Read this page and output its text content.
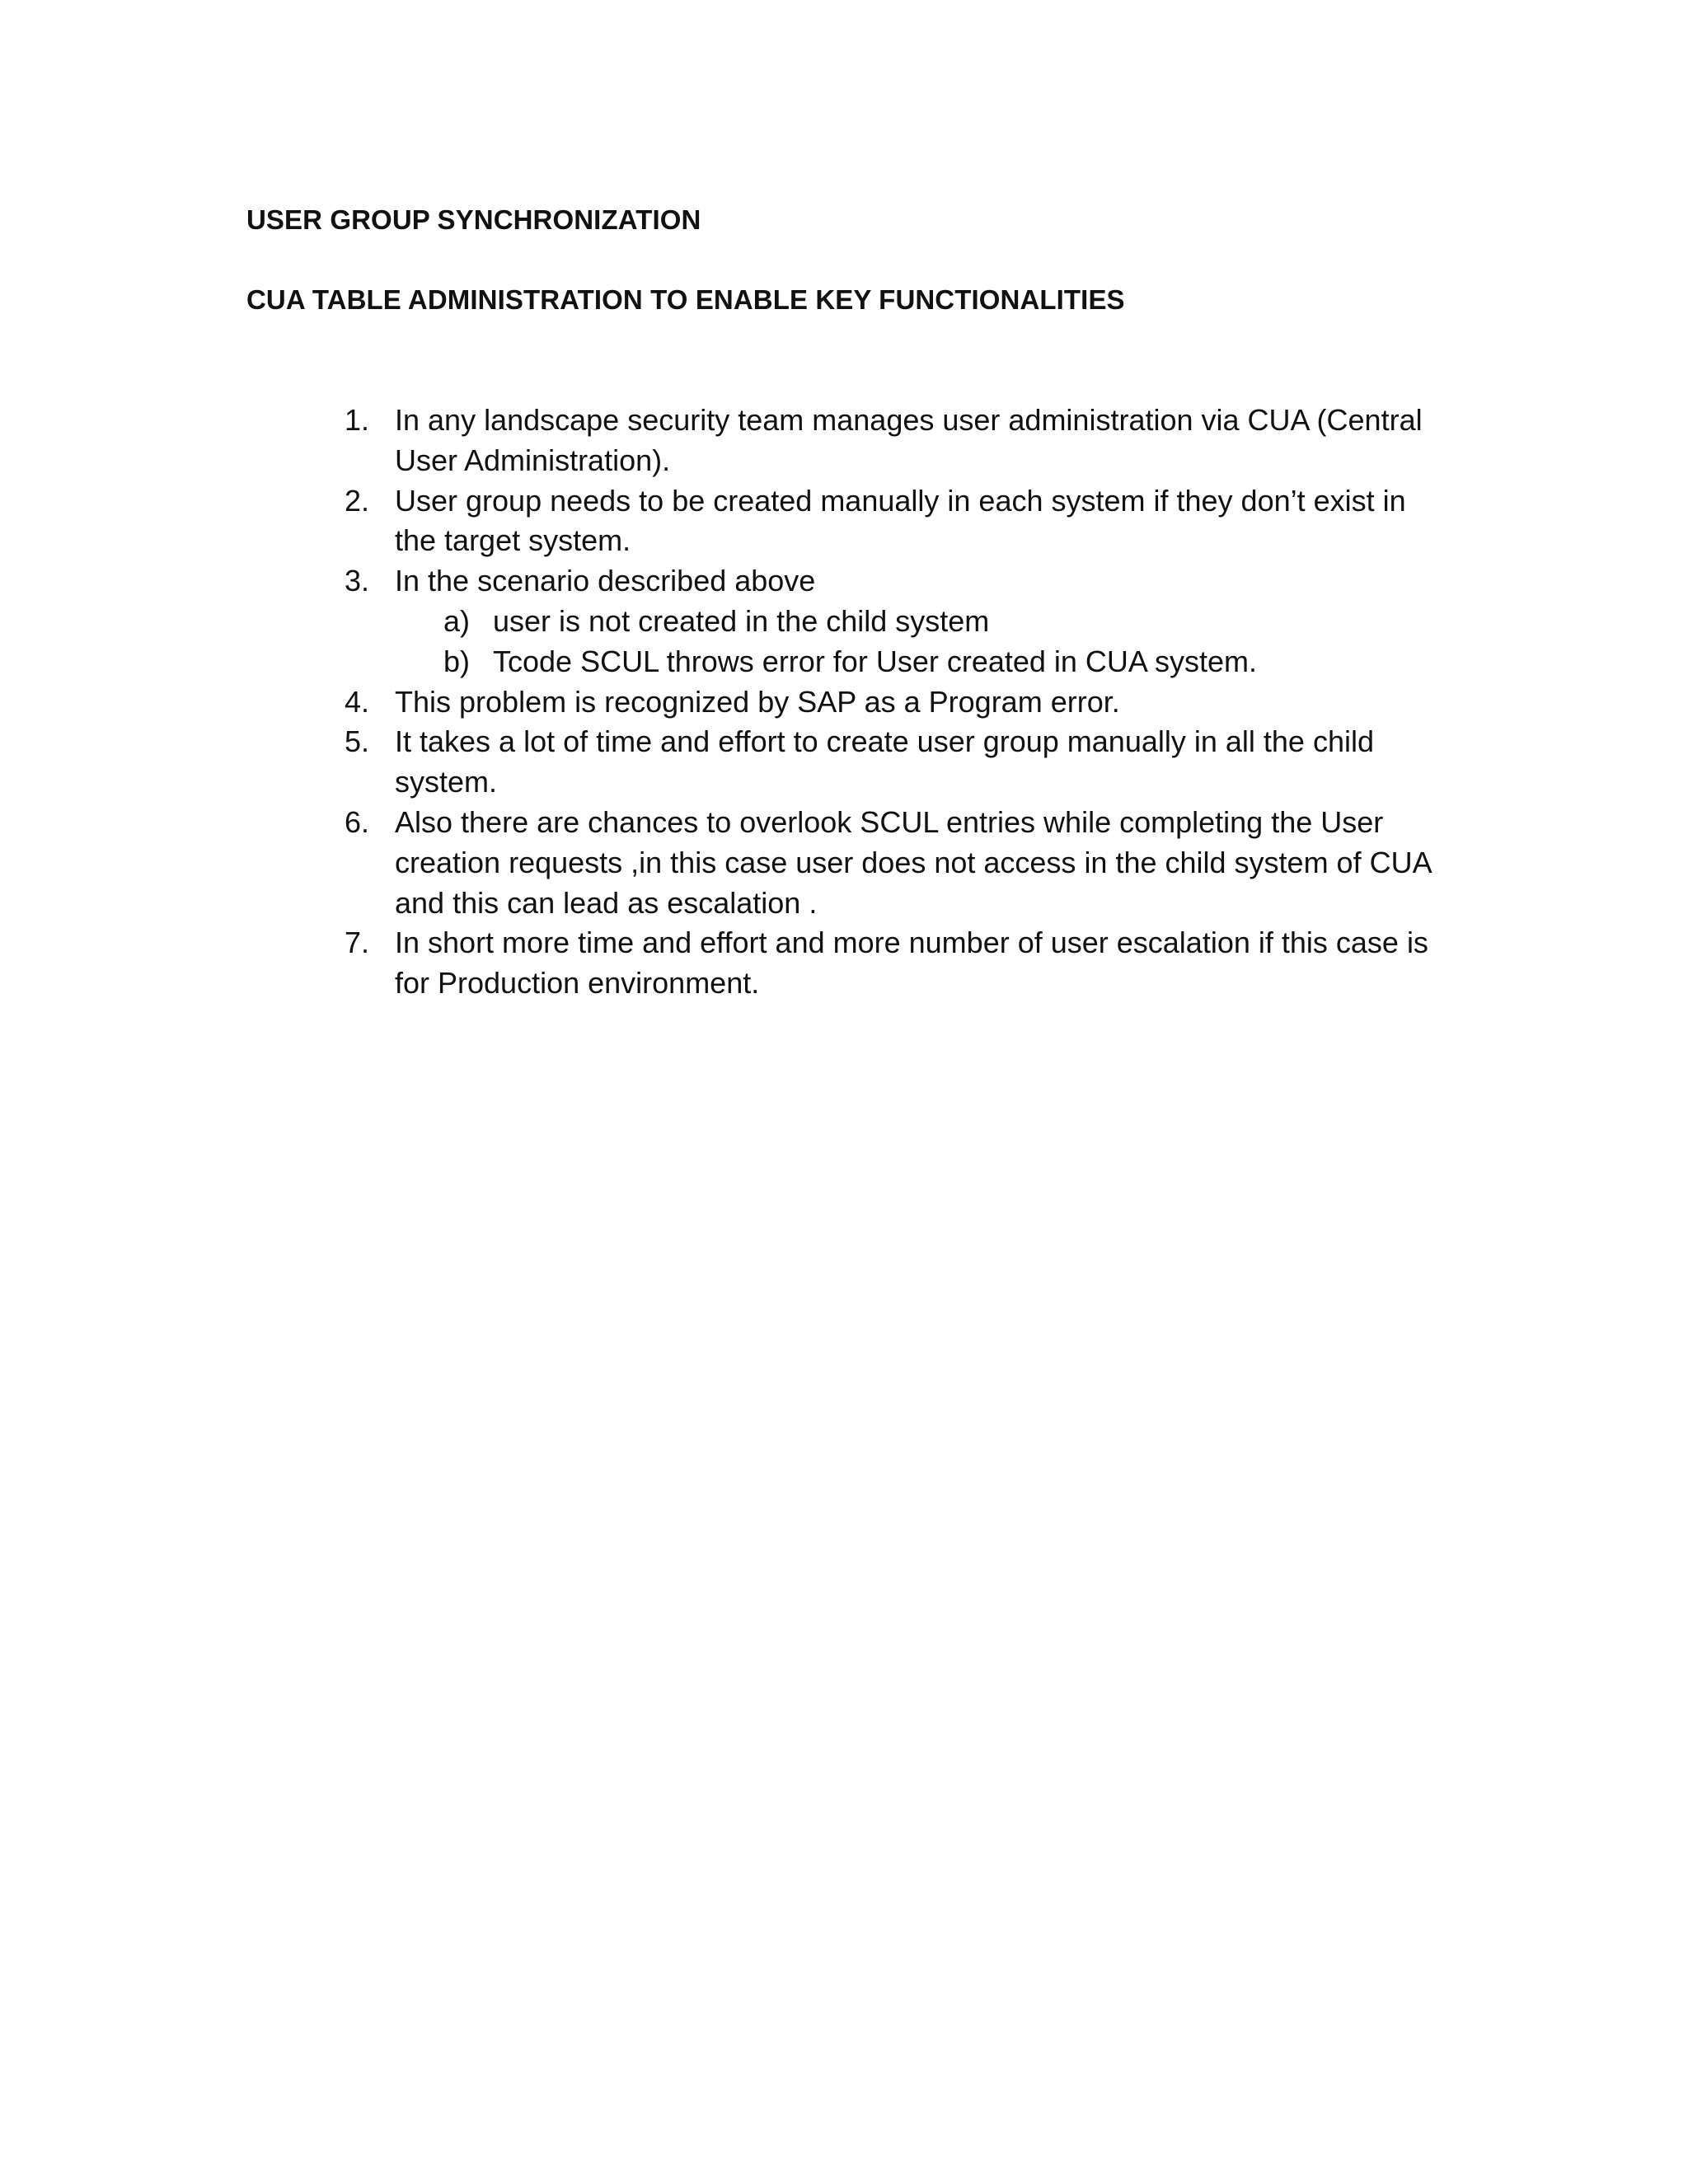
USER GROUP SYNCHRONIZATION
CUA TABLE ADMINISTRATION TO ENABLE KEY FUNCTIONALITIES
1. In any landscape security team manages user administration via CUA (Central User Administration).
2. User group needs to be created manually in each system if they don’t exist in the target system.
3. In the scenario described above
a) user is not created in the child system
b) Tcode SCUL throws error for User created in CUA system.
4. This problem is recognized by SAP as a Program error.
5. It takes a lot of time and effort to create user group manually in all the child system.
6. Also there are chances to overlook SCUL entries while completing the User creation requests ,in this case user does not access in the child system of CUA and this can lead as escalation .
7. In short more time and effort and more number of user escalation if this case is for Production environment.
